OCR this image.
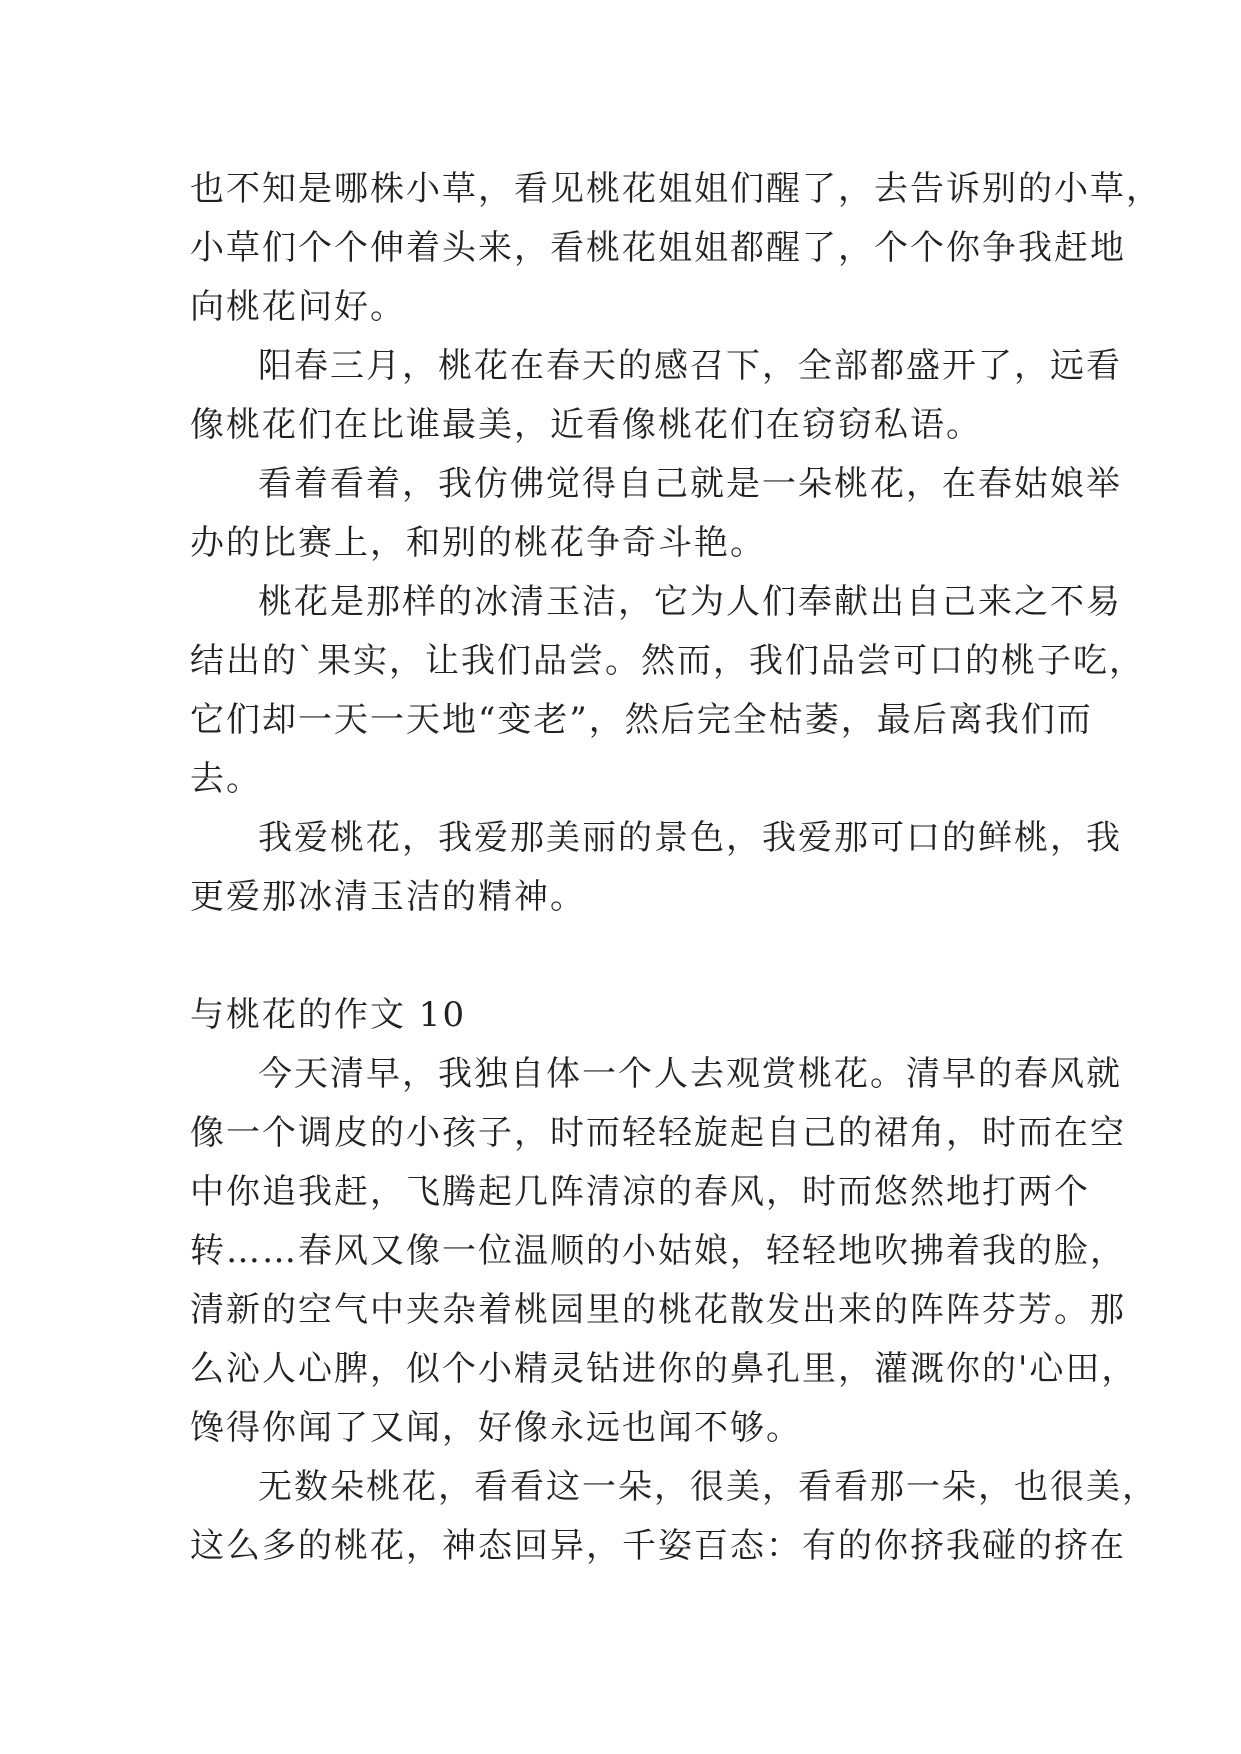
也不知是哪株小草，看见桃花姐姐们醒了，去告诉别的小草，
小草们个个伸着头来，看桃花姐姐都醒了，个个你争我赶地
向桃花问好。
阳春三月，桃花在春天的感召下，全部都盛开了，远看
像桃花们在比谁最美，近看像桃花们在窃窃私语。
看着看着，我仿佛觉得自己就是一朵桃花，在春姑娘举
办的比赛上，和别的桃花争奇斗艳。
桃花是那样的冰清玉洁，它为人们奉献出自己来之不易
结出的`果实，让我们品尝。然而，我们品尝可口的桃子吃，
它们却一天一天地“变老”，然后完全枯萎，最后离我们而
去。
我爱桃花，我爱那美丽的景色，我爱那可口的鲜桃，我
更爱那冰清玉洁的精神。
与桃花的作文 10
今天清早，我独自体一个人去观赏桃花。清早的春风就
像一个调皮的小孩子，时而轻轻旋起自己的裙角，时而在空
中你追我赶，飞腾起几阵清凉的春风，时而悠然地打两个
转……春风又像一位温顺的小姑娘，轻轻地吹拂着我的脸，
清新的空气中夹杂着桃园里的桃花散发出来的阵阵芬芳。那
么沁人心脾，似个小精灵钻进你的鼻孔里，灌溉你的'心田，
馋得你闻了又闻，好像永远也闻不够。
无数朵桃花，看看这一朵，很美，看看那一朵，也很美，
这么多的桃花，神态回异，千姿百态：有的你挤我碰的挤在
